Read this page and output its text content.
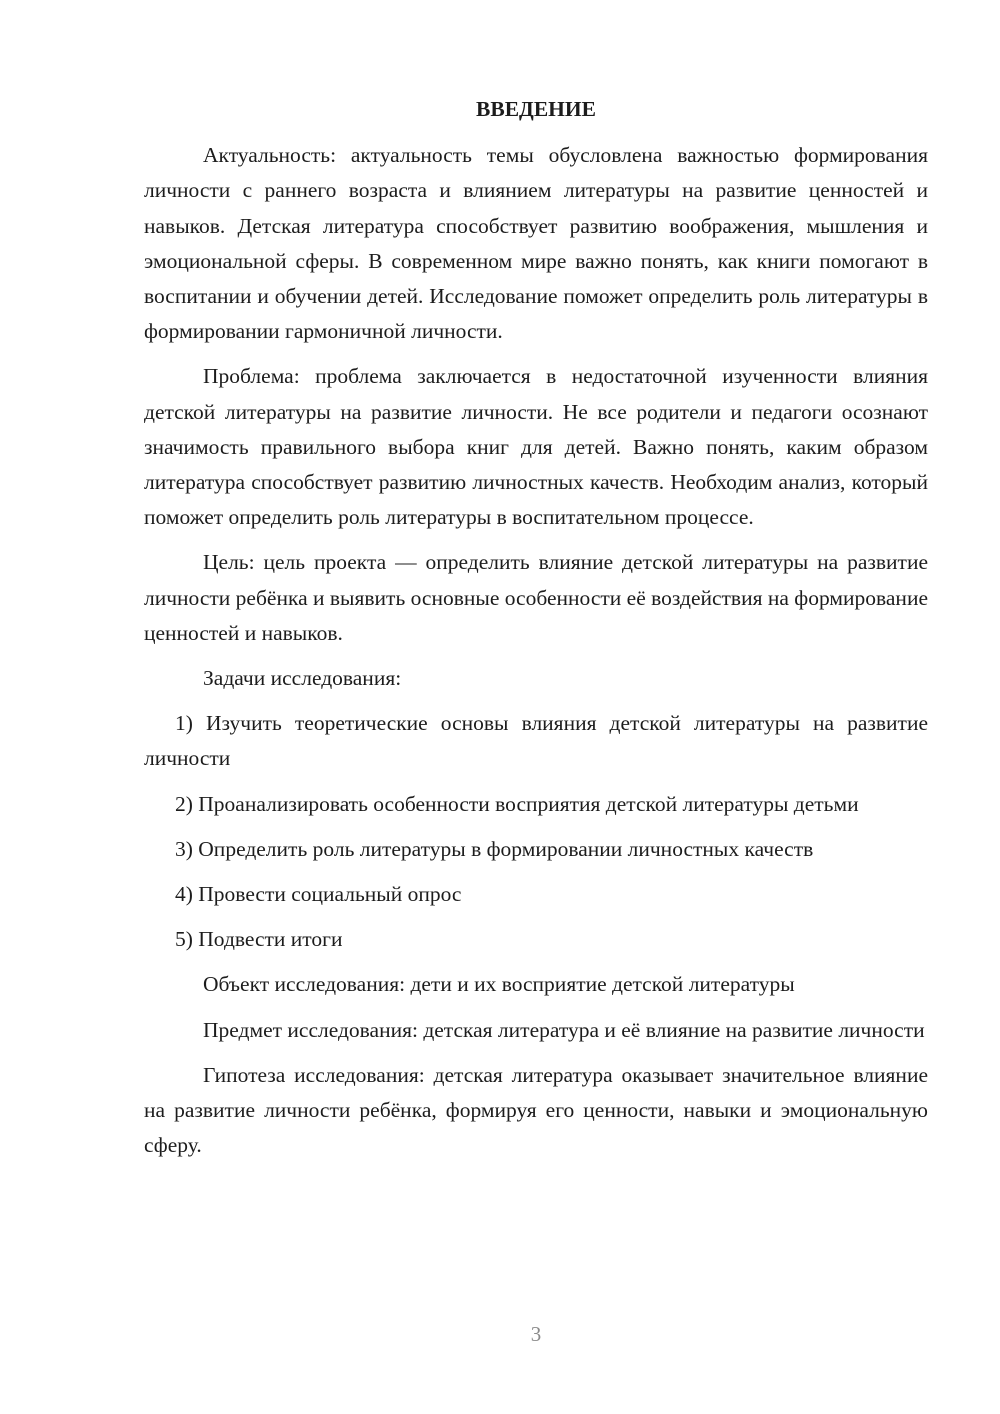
ВВЕДЕНИЕ

Актуальность: актуальность темы обусловлена важностью формирования личности с раннего возраста и влиянием литературы на развитие ценностей и навыков. Детская литература способствует развитию воображения, мышления и эмоциональной сферы. В современном мире важно понять, как книги помогают в воспитании и обучении детей. Исследование поможет определить роль литературы в формировании гармоничной личности.

Проблема: проблема заключается в недостаточной изученности влияния детской литературы на развитие личности. Не все родители и педагоги осознают значимость правильного выбора книг для детей. Важно понять, каким образом литература способствует развитию личностных качеств. Необходим анализ, который поможет определить роль литературы в воспитательном процессе.

Цель: цель проекта — определить влияние детской литературы на развитие личности ребёнка и выявить основные особенности её воздействия на формирование ценностей и навыков.

Задачи исследования:

1) Изучить теоретические основы влияния детской литературы на развитие личности

2) Проанализировать особенности восприятия детской литературы детьми

3) Определить роль литературы в формировании личностных качеств

4) Провести социальный опрос

5) Подвести итоги

Объект исследования: дети и их восприятие детской литературы

Предмет исследования: детская литература и её влияние на развитие личности

Гипотеза исследования: детская литература оказывает значительное влияние на развитие личности ребёнка, формируя его ценности, навыки и эмоциональную сферу.

3
